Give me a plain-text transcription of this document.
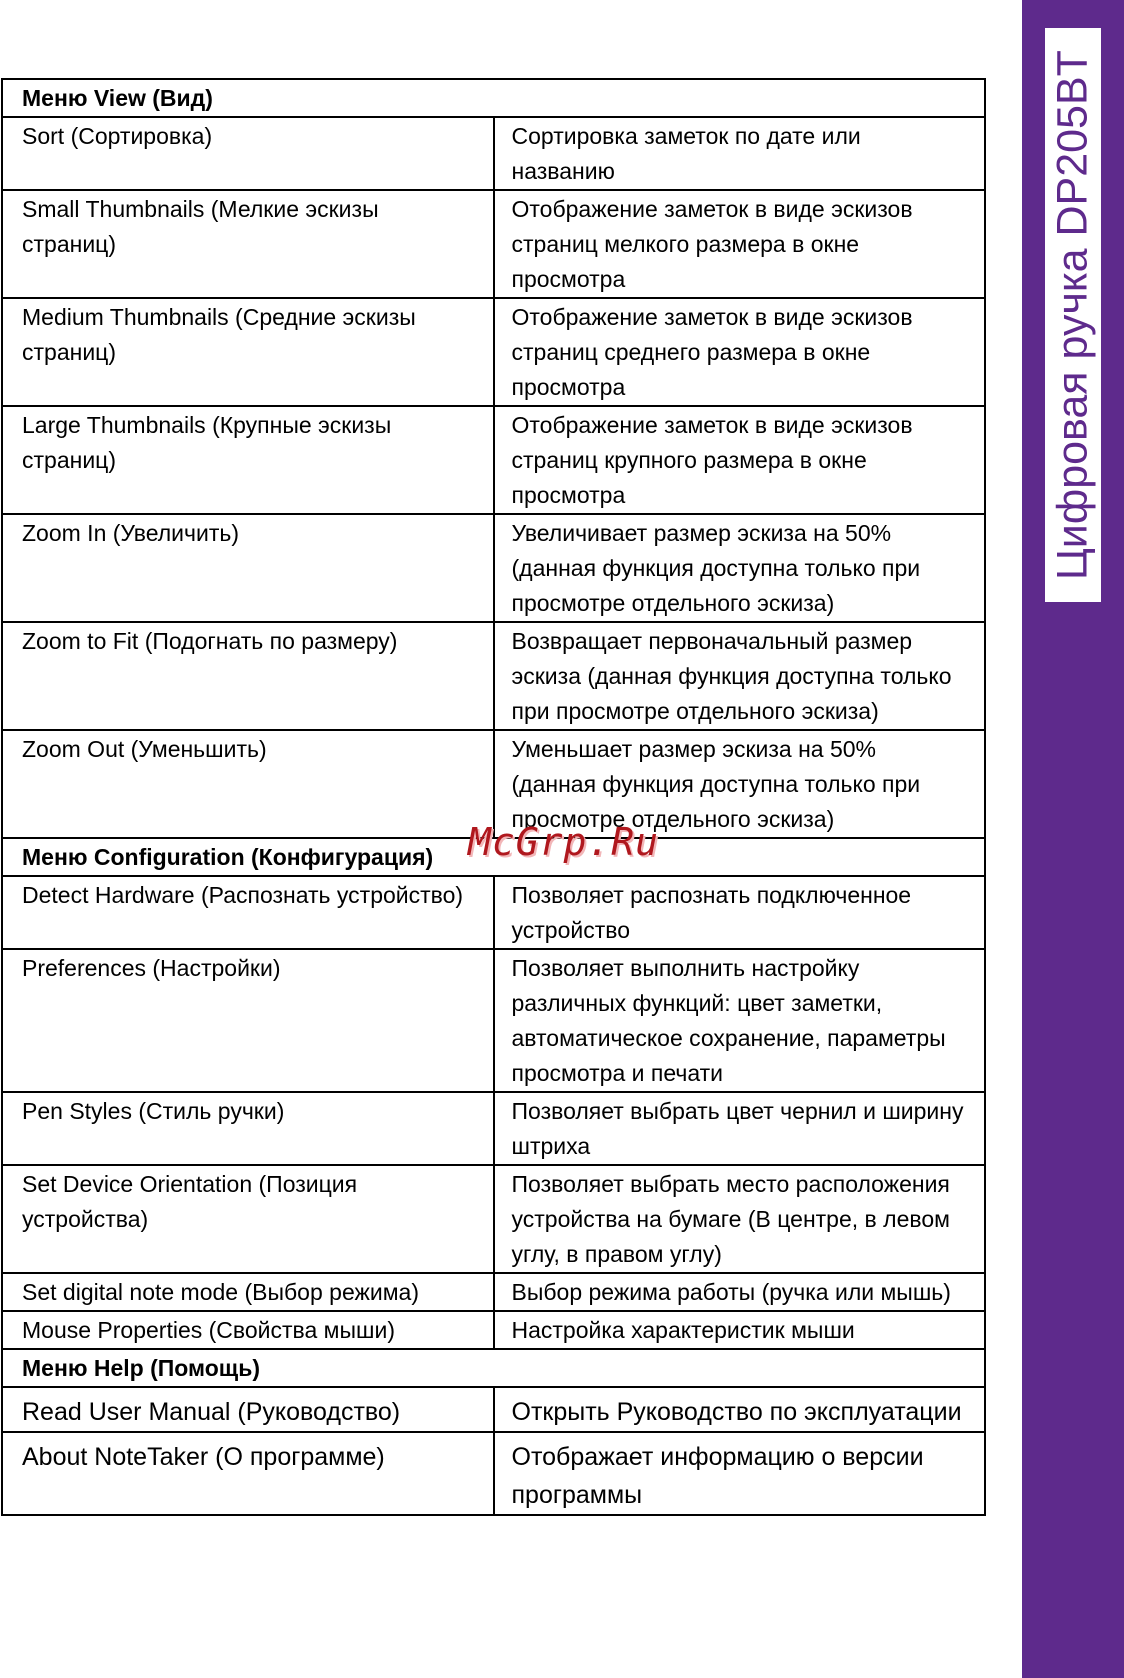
Цифровая ручка DP205BT
Меню View (Вид)	
Sort (Сортировка)	Сортировка заметок по дате или названию
Small Thumbnails (Мелкие эскизы страниц)	Отображение заметок в виде эскизов страниц мелкого размера в окне просмотра
Medium Thumbnails (Средние эскизы страниц)	Отображение заметок в виде эскизов страниц среднего размера в окне просмотра
Large Thumbnails (Крупные эскизы страниц)	Отображение заметок в виде эскизов страниц крупного размера в окне просмотра
Zoom In (Увеличить)	Увеличивает размер эскиза на 50% (данная функция доступна только при просмотре отдельного эскиза)
Zoom to Fit (Подогнать по размеру)	Возвращает первоначальный размер эскиза (данная функция доступна только при просмотре отдельного эскиза)
Zoom Out (Уменьшить)	Уменьшает размер эскиза на 50% (данная функция доступна только при просмотре отдельного эскиза)
Меню Configuration (Конфигурация)	
Detect Hardware (Распознать устройство)	Позволяет распознать подключенное устройство
Preferences (Настройки)	Позволяет выполнить настройку различных функций: цвет заметки, автоматическое сохранение, параметры просмотра и печати
Pen Styles (Стиль ручки)	Позволяет выбрать цвет чернил и ширину штриха
Set Device Orientation (Позиция устройства)	Позволяет выбрать место расположения устройства на бумаге (В центре, в левом углу, в правом углу)
Set digital note mode (Выбор режима)	Выбор режима работы (ручка или мышь)
Mouse Properties (Свойства мыши)	Настройка характеристик мыши
Меню Help (Помощь)	
Read User Manual (Руководство)	Открыть Руководство по эксплуатации
About NoteTaker (О программе)	Отображает информацию о версии программы
McGrp.Ru
